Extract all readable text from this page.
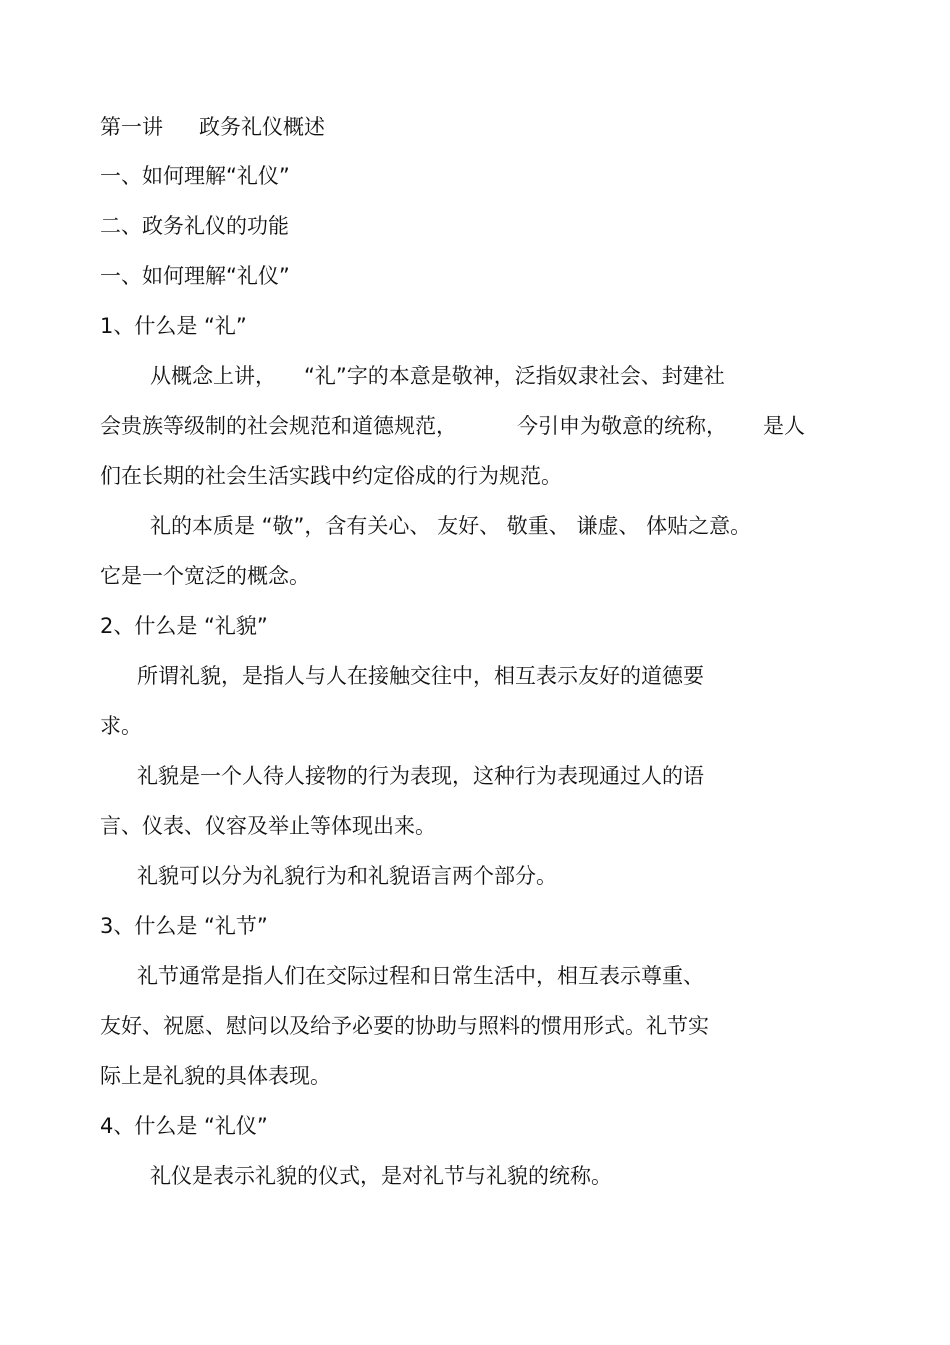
第一讲 政务礼仪概述
一、如何理解“礼仪”
二、政务礼仪的功能
一、如何理解“礼仪”
1、什么是 “礼”
从概念上讲， “礼”字的本意是敬神，泛指奴隶社会、封建社
会贵族等级制的社会规范和道德规范，	今引申为敬意的统称， 是人
们在长期的社会生活实践中约定俗成的行为规范。
礼的本质是 “敬”，含有关心、 友好、 敬重、 谦虚、 体贴之意。
它是一个宽泛的概念。
2、什么是 “礼貌”
所谓礼貌，是指人与人在接触交往中，相互表示友好的道德要
求。
礼貌是一个人待人接物的行为表现，这种行为表现通过人的语
言、仪表、仪容及举止等体现出来。
礼貌可以分为礼貌行为和礼貌语言两个部分。
3、什么是 “礼节”
礼节通常是指人们在交际过程和日常生活中，相互表示尊重、
友好、祝愿、慰问以及给予必要的协助与照料的惯用形式。礼节实
际上是礼貌的具体表现。
4、什么是 “礼仪”
礼仪是表示礼貌的仪式，是对礼节与礼貌的统称。
